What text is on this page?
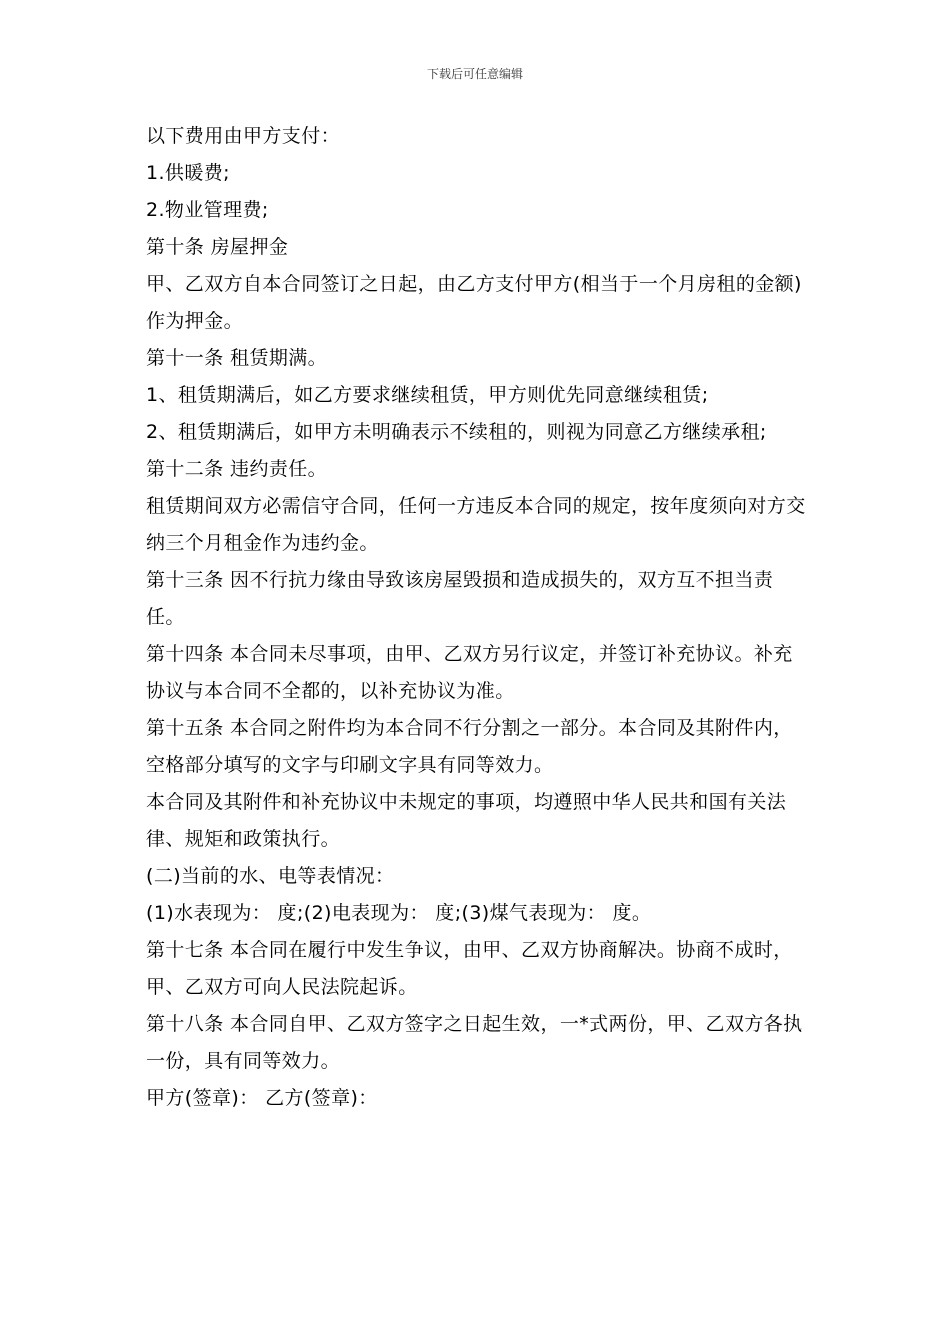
下载后可任意编辑

以下费用由甲方支付：

1.供暖费;

2.物业管理费;

第十条 房屋押金

甲、乙双方自本合同签订之日起，由乙方支付甲方(相当于一个月房租的金额)作为押金。

第十一条 租赁期满。

1、租赁期满后，如乙方要求继续租赁，甲方则优先同意继续租赁;

2、租赁期满后，如甲方未明确表示不续租的，则视为同意乙方继续承租;

第十二条 违约责任。

租赁期间双方必需信守合同，任何一方违反本合同的规定，按年度须向对方交纳三个月租金作为违约金。

第十三条 因不行抗力缘由导致该房屋毁损和造成损失的，双方互不担当责任。

第十四条 本合同未尽事项，由甲、乙双方另行议定，并签订补充协议。补充协议与本合同不全都的，以补充协议为准。

第十五条 本合同之附件均为本合同不行分割之一部分。本合同及其附件内，空格部分填写的文字与印刷文字具有同等效力。

本合同及其附件和补充协议中未规定的事项，均遵照中华人民共和国有关法律、规矩和政策执行。

(二)当前的水、电等表情况：

(1)水表现为： 度;(2)电表现为： 度;(3)煤气表现为： 度。

第十七条 本合同在履行中发生争议，由甲、乙双方协商解决。协商不成时，甲、乙双方可向人民法院起诉。

第十八条 本合同自甲、乙双方签字之日起生效，一*式两份，甲、乙双方各执一份，具有同等效力。

甲方(签章)： 乙方(签章)：
